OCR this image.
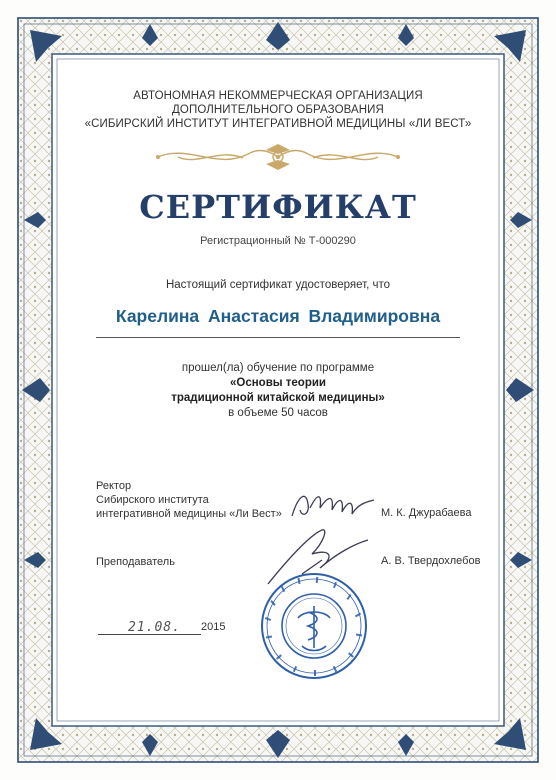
АВТОНОМНАЯ НЕКОММЕРЧЕСКАЯ ОРГАНИЗАЦИЯ
ДОПОЛНИТЕЛЬНОГО ОБРАЗОВАНИЯ
«СИБИРСКИЙ ИНСТИТУТ ИНТЕГРАТИВНОЙ МЕДИЦИНЫ «ЛИ ВЕСТ»
СЕРТИФИКАТ
Регистрационный № Т-000290
Настоящий сертификат удостоверяет, что
Карелина Анастасия Владимировна
прошел(ла) обучение по программе
«Основы теории
традиционной китайской медицины»
в объеме 50 часов
Ректор
Сибирского института
интегративной медицины «Ли Вест»	М. К. Джурабаева
Преподаватель	А. В. Твердохлебов
21.08. 2015
